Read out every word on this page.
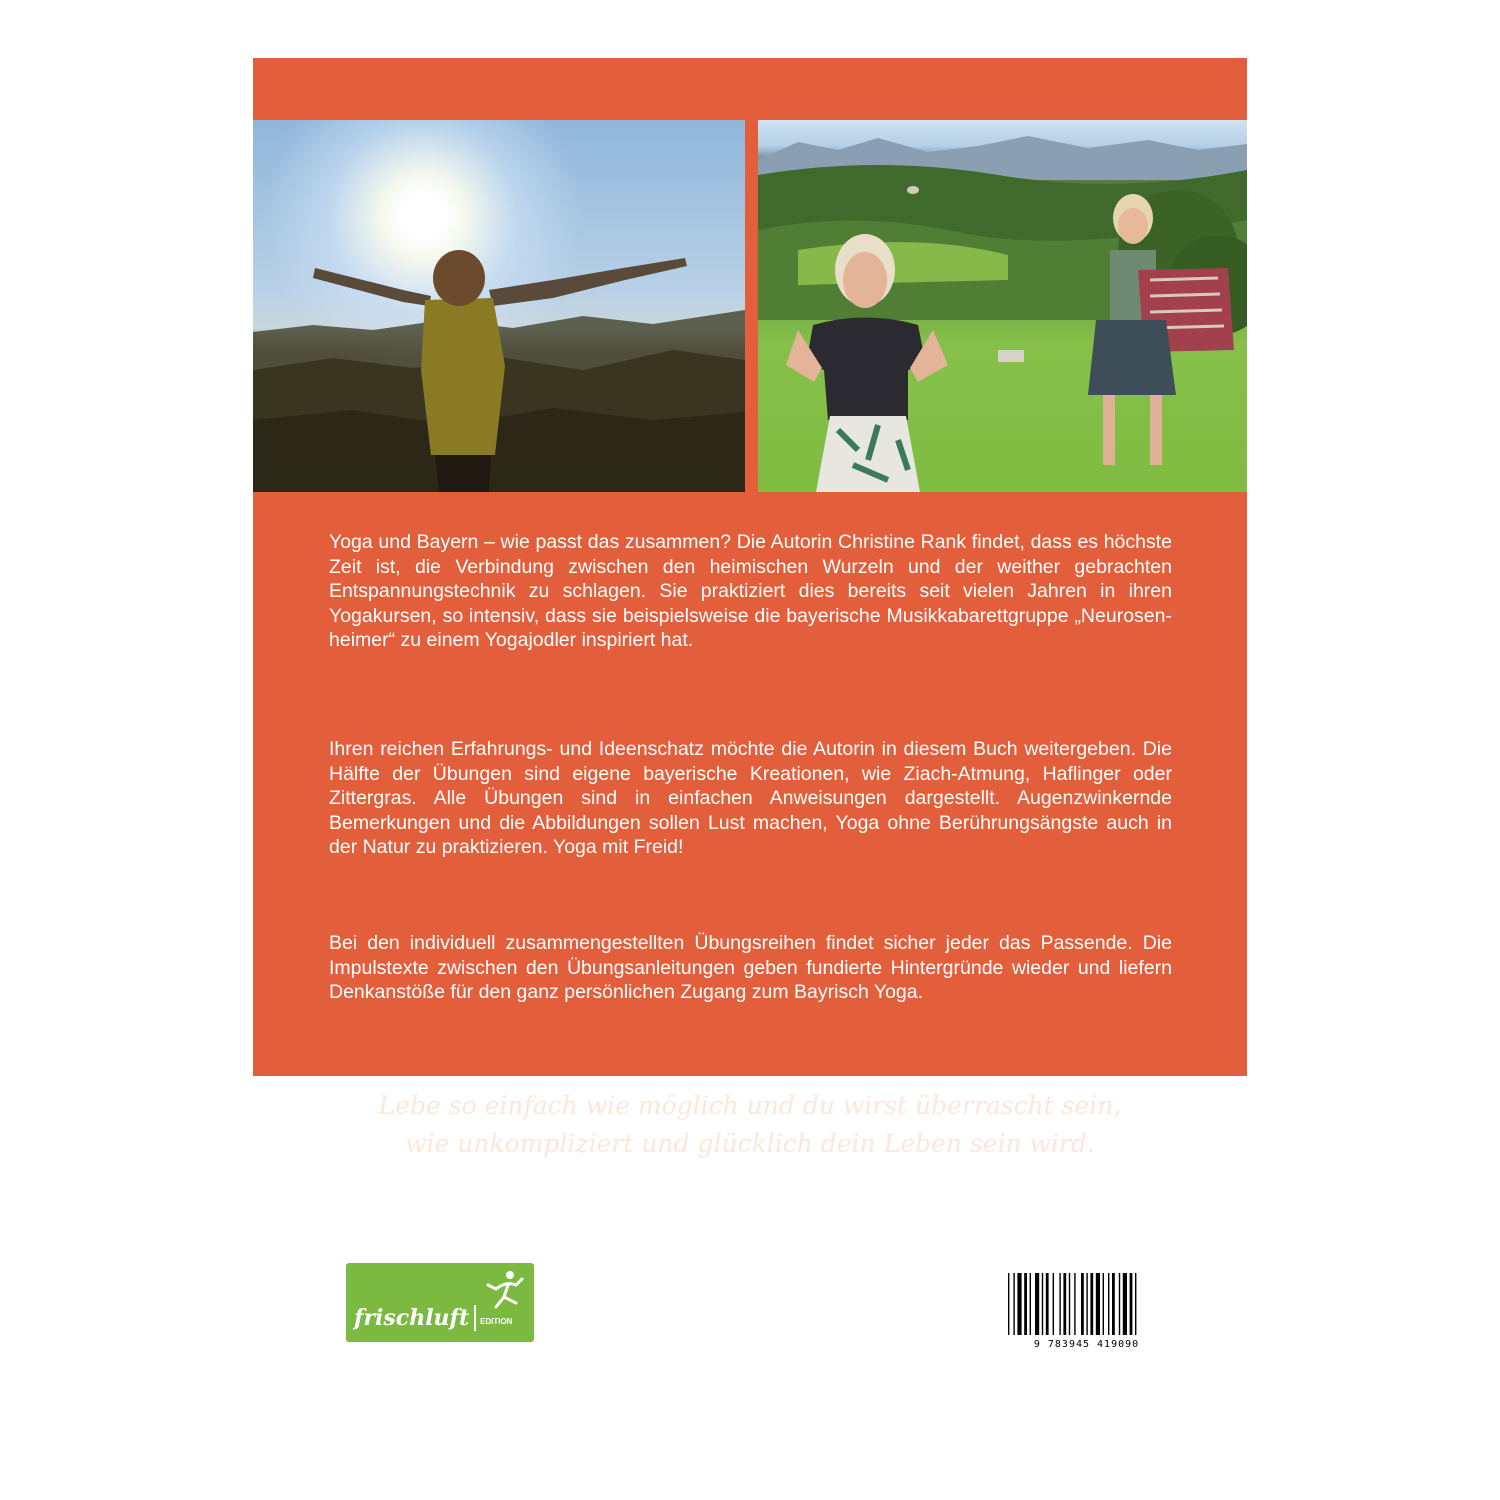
Yoga und Bayern – wie passt das zusammen? Die Autorin Christine Rank findet, dass es höchste Zeit ist, die Verbindung zwischen den heimischen Wurzeln und der weither gebrachten Entspannungstechnik zu schlagen. Sie praktiziert dies bereits seit vielen Jahren in ihren Yogakursen, so intensiv, dass sie beispielsweise die bayerische Musikkabarettgruppe „Neurosenheimer“ zu einem Yogajodler inspiriert hat.

Ihren reichen Erfahrungs- und Ideenschatz möchte die Autorin in diesem Buch weitergeben. Die Hälfte der Übungen sind eigene bayerische Kreationen, wie Ziach-Atmung, Haflinger oder Zittergras. Alle Übungen sind in einfachen Anweisungen dargestellt. Augenzwinkernde Bemerkungen und die Abbildungen sollen Lust machen, Yoga ohne Berührungsängste auch in der Natur zu praktizieren. Yoga mit Freid!

Bei den individuell zusammengestellten Übungsreihen findet sicher jeder das Passende. Die Impulstexte zwischen den Übungsanleitungen geben fundierte Hintergründe wieder und liefern Denkanstöße für den ganz persönlichen Zugang zum Bayrisch Yoga.

Lebe so einfach wie möglich und du wirst überrascht sein,

wie unkompliziert und glücklich dein Leben sein wird.

Paramahansa Yogananda

frischluft EDITION
ISBN 978-3-945419-09-0
EUR [D] 19,95
9 783945 419090
